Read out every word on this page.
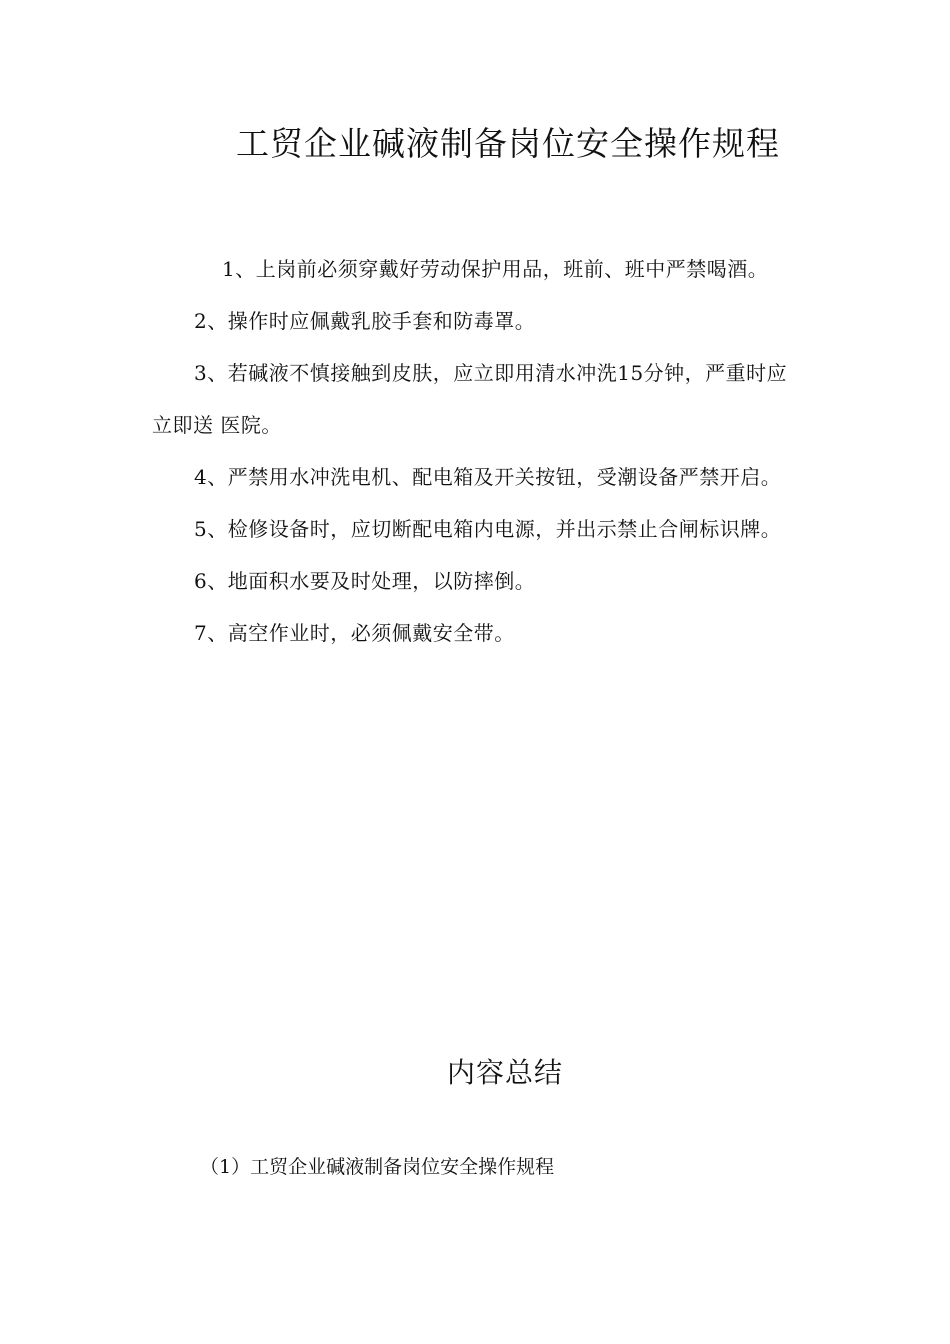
工贸企业碱液制备岗位安全操作规程

1、上岗前必须穿戴好劳动保护用品，班前、班中严禁喝酒。

2、操作时应佩戴乳胶手套和防毒罩。

3、若碱液不慎接触到皮肤，应立即用清水冲洗15分钟，严重时应立即送 医院。

4、严禁用水冲洗电机、配电箱及开关按钮，受潮设备严禁开启。

5、检修设备时，应切断配电箱内电源，并出示禁止合闸标识牌。

6、地面积水要及时处理，以防摔倒。

7、高空作业时，必须佩戴安全带。

内容总结
（1）工贸企业碱液制备岗位安全操作规程
